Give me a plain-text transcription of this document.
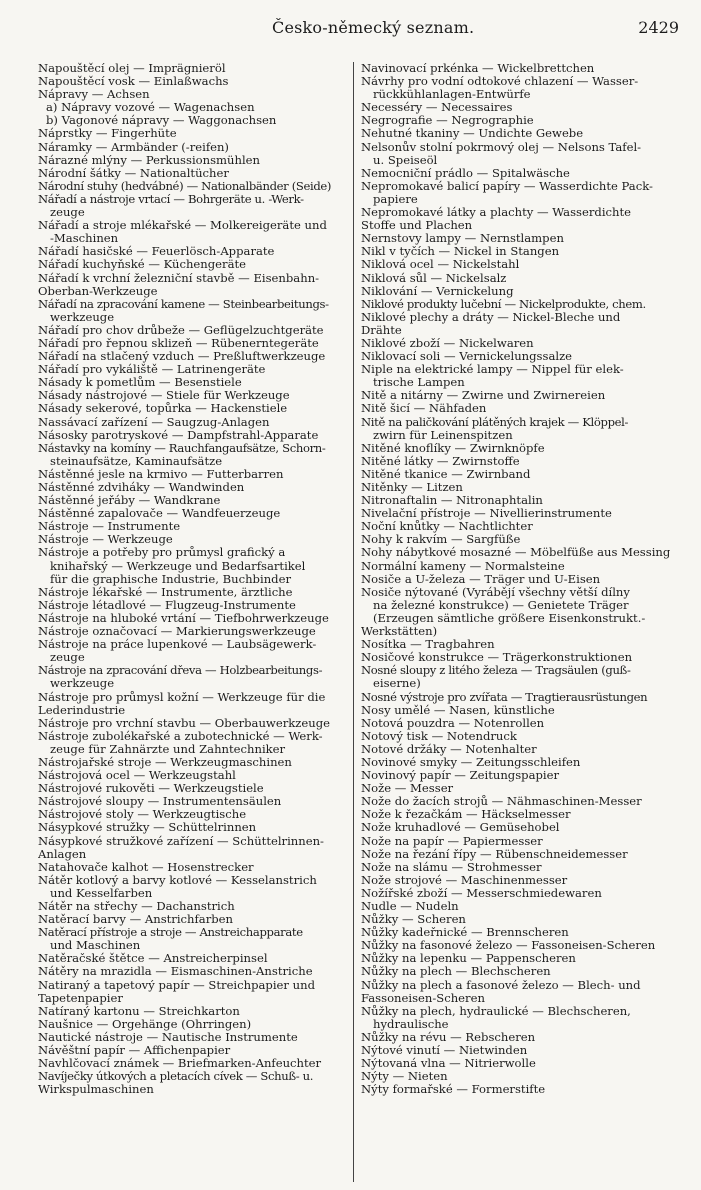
Česko-německý seznam.	2429
Napouštěcí olej — Imprägnieröl
Napouštěcí vosk — Einlaßwachs
Nápravy — Achsen
a) Nápravy vozové — Wagenachsen
b) Vagonové nápravy — Waggonachsen
Náprstky — Fingerhüte
Náramky — Armbänder (-reifen)
Nárazné mlýny — Perkussionsmühlen
Národní šátky — Nationaltücher
Národní stuhy (hedvábné) — Nationalbänder (Seide)
Nářadí a nástroje vrtací — Bohrgeräte u. -Werk-
zeuge
Nářadí a stroje mlékařské — Molkereigeräte und
-Maschinen
Nářadí hasičské — Feuerlösch-Apparate
Nářadí kuchyňské — Küchengeräte
Nářadí k vrchní železniční stavbě — Eisenbahn-
Oberban-Werkzeuge
Nářadí na zpracování kamene — Steinbearbeitungs-
werkzeuge
Nářadí pro chov drůbeže — Geflügelzuchtgeräte
Nářadí pro řepnou sklizeň — Rübenerntegeräte
Nářadí na stlačený vzduch — Preßluftwerkzeuge
Nářadí pro vykáliště — Latrinengeräte
Násady k pometlům — Besenstiele
Násady nástrojové — Stiele für Werkzeuge
Násady sekerové, topůrka — Hackenstiele
Nassávací zařízení — Saugzug-Anlagen
Násosky parotryskové — Dampfstrahl-Apparate
Nástavky na komíny — Rauchfangaufsätze, Schorn-
steinaufsätze, Kaminaufsätze
Nástěnné jesle na krmivo — Futterbarren
Nástěnné zdviháky — Wandwinden
Nástěnné jeřáby — Wandkrane
Nástěnné zapalovače — Wandfeuerzeuge
Nástroje — Instrumente
Nástroje — Werkzeuge
Nástroje a potřeby pro průmysl grafický a
knihařský — Werkzeuge und Bedarfsartikel
für die graphische Industrie, Buchbinder
Nástroje lékařské — Instrumente, ärztliche
Nástroje létadlové — Flugzeug-Instrumente
Nástroje na hluboké vrtání — Tiefbohrwerkzeuge
Nástroje označovací — Markierungswerkzeuge
Nástroje na práce lupenkové — Laubsägewerk-
zeuge
Nástroje na zpracování dřeva — Holzbearbeitungs-
werkzeuge
Nástroje pro průmysl kožní — Werkzeuge für die
Lederindustrie
Nástroje pro vrchní stavbu — Oberbauwerkzeuge
Nástroje zubolékařské a zubotechnické — Werk-
zeuge für Zahnärzte und Zahntechniker
Nástrojařské stroje — Werkzeugmaschinen
Nástrojová ocel — Werkzeugstahl
Nástrojové rukověti — Werkzeugstiele
Nástrojové sloupy — Instrumentensäulen
Nástrojové stoly — Werkzeugtische
Násypkové stružky — Schüttelrinnen
Násypkové stružkové zařízení — Schüttelrinnen-
Anlagen
Natahovače kalhot — Hosenstrecker
Nátěr kotlový a barvy kotlové — Kesselanstrich
und Kesselfarben
Nátěr na střechy — Dachanstrich
Natěrací barvy — Anstrichfarben
Natěrací přístroje a stroje — Anstreichapparate
und Maschinen
Natěračské štětce — Anstreicherpinsel
Nátěry na mrazidla — Eismaschinen-Anstriche
Natiraný a tapetový papír — Streichpapier und
Tapetenpapier
Natíraný kartonu — Streichkarton
Naušnice — Orgehänge (Ohrringen)
Nautické nástroje — Nautische Instrumente
Návěštní papír — Affichenpapier
Navhlčovací známek — Briefmarken-Anfeuchter
Navíječky útkových a pletacích cívek — Schuß- u.
Wirkspulmaschinen
Navinovací prkénka — Wickelbrettchen
Návrhy pro vodní odtokové chlazení — Wasser-
rückkühlanlagen-Entwürfe
Necesséry — Necessaires
Negrografie — Negrographie
Nehutné tkaniny — Undichte Gewebe
Nelsonův stolní pokrmový olej — Nelsons Tafel-
u. Speiseöl
Nemocniční prádlo — Spitalwäsche
Nepromokavé balicí papíry — Wasserdichte Pack-
papiere
Nepromokavé látky a plachty — Wasserdichte
Stoffe und Plachen
Nernstovy lampy — Nernstlampen
Nikl v tyčích — Nickel in Stangen
Niklová ocel — Nickelstahl
Niklová sůl — Nickelsalz
Niklování — Vernickelung
Niklové produkty lučební — Nickelprodukte, chem.
Niklové plechy a dráty — Nickel-Bleche und
Drähte
Niklové zboží — Nickelwaren
Niklovací soli — Vernickelungssalze
Niple na elektrické lampy — Nippel für elek-
trische Lampen
Nitě a nitárny — Zwirne und Zwirnereien
Nitě šicí — Nähfaden
Nitě na paličkování plátěných krajek — Klöppel-
zwirn für Leinenspitzen
Nitěné knoflíky — Zwirnknöpfe
Nitěné látky — Zwirnstoffe
Nitěné tkanice — Zwirnband
Nitěnky — Litzen
Nitronaftalin — Nitronaphtalin
Nivelační přístroje — Nivellierinstrumente
Noční knůtky — Nachtlichter
Nohy k rakvím — Sargfüße
Nohy nábytkové mosazné — Möbelfüße aus Messing
Normální kameny — Normalsteine
Nosiče a U-železa — Träger und U-Eisen
Nosiče nýtované (Vyrábějí všechny větší dílny
na železné konstrukce) — Genietete Träger
(Erzeugen sämtliche größere Eisenkonstrukt.-
Werkstätten)
Nosítka — Tragbahren
Nosičové konstrukce — Trägerkonstruktionen
Nosné sloupy z litého železa — Tragsäulen (guß-
eiserne)
Nosné výstroje pro zvířata — Tragtierausrüstungen
Nosy umělé — Nasen, künstliche
Notová pouzdra — Notenrollen
Notový tisk — Notendruck
Notové držáky — Notenhalter
Novinové smyky — Zeitungsschleifen
Novinový papír — Zeitungspapier
Nože — Messer
Nože do žacích strojů — Nähmaschinen-Messer
Nože k řezačkám — Häckselmesser
Nože kruhadlové — Gemüsehobel
Nože na papír — Papiermesser
Nože na řezání řípy — Rübenschneidemesser
Nože na slámu — Strohmesser
Nože strojové — Maschinenmesser
Nožířské zboží — Messerschmiedewaren
Nudle — Nudeln
Nůžky — Scheren
Nůžky kadeřnické — Brennscheren
Nůžky na fasonové železo — Fassoneisen-Scheren
Nůžky na lepenku — Pappenscheren
Nůžky na plech — Blechscheren
Nůžky na plech a fasonové železo — Blech- und
Fassoneisen-Scheren
Nůžky na plech, hydraulické — Blechscheren,
hydraulische
Nůžky na révu — Rebscheren
Nýtové vinutí — Nietwinden
Nýtovaná vlna — Nitrierwolle
Nýty — Nieten
Nýty formařské — Formerstifte
